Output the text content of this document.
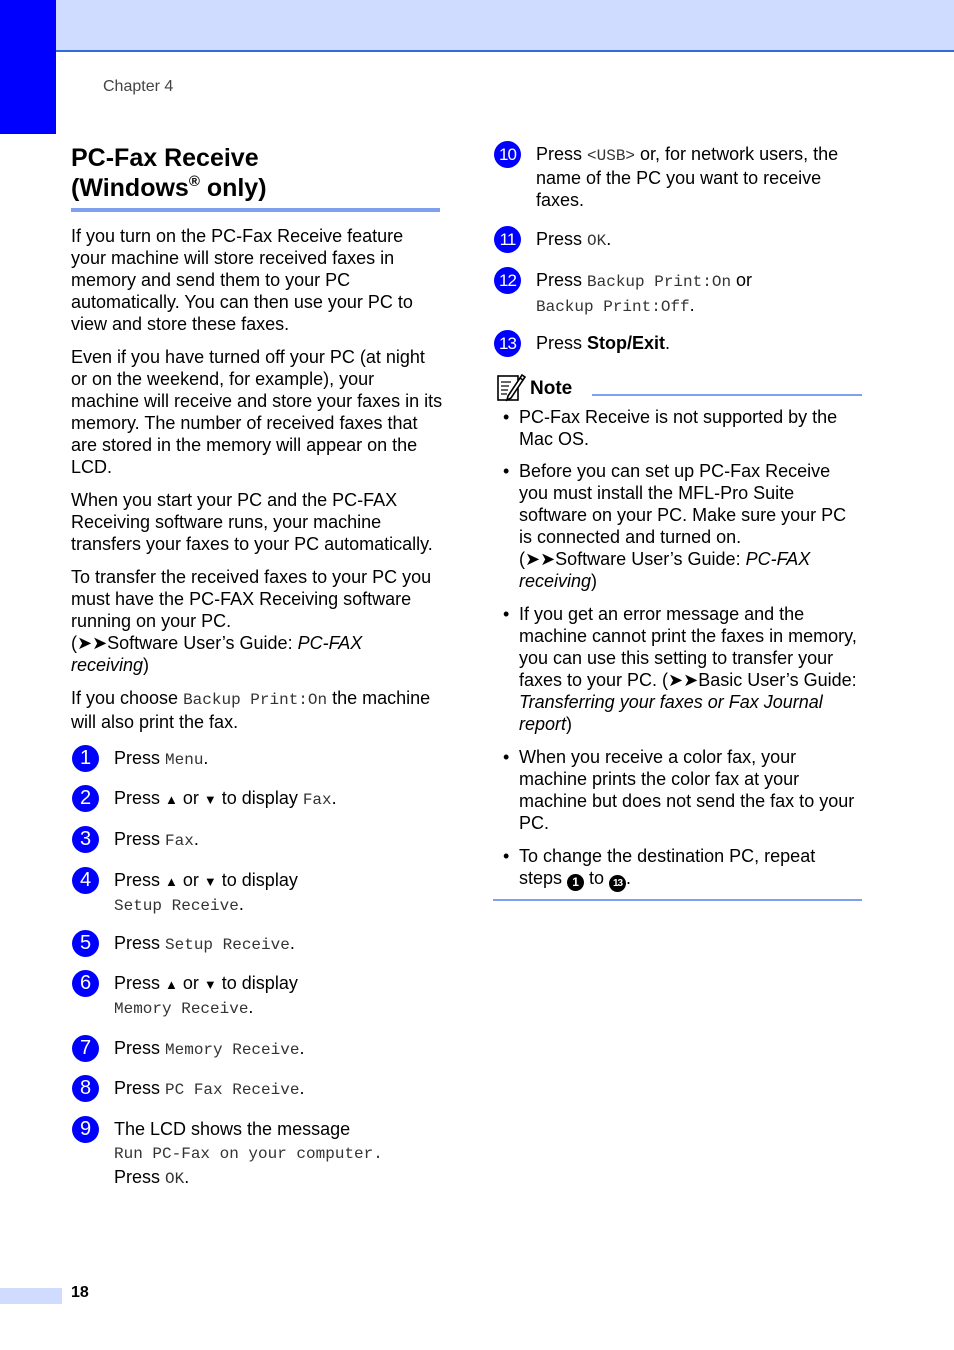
Chapter 4
PC-Fax Receive
(Windows® only)
If you turn on the PC-Fax Receive feature your machine will store received faxes in memory and send them to your PC automatically. You can then use your PC to view and store these faxes.
Even if you have turned off your PC (at night or on the weekend, for example), your machine will receive and store your faxes in its memory. The number of received faxes that are stored in the memory will appear on the LCD.
When you start your PC and the PC-FAX Receiving software runs, your machine transfers your faxes to your PC automatically.
To transfer the received faxes to your PC you must have the PC-FAX Receiving software running on your PC.
(➤➤Software User’s Guide: PC-FAX receiving)
If you choose Backup Print:On the machine will also print the fax.
1	Press Menu.
2	Press ▲ or ▼ to display Fax.
3	Press Fax.
4	Press ▲ or ▼ to display
Setup Receive.
5	Press Setup Receive.
6	Press ▲ or ▼ to display
Memory Receive.
7	Press Memory Receive.
8	Press PC Fax Receive.
9	The LCD shows the message
Run PC-Fax on your computer.
Press OK.
10 Press <USB> or, for network users, the name of the PC you want to receive faxes.
11	Press OK.
12 Press Backup Print:On or
Backup Print:Off.
13 Press Stop/Exit.
Note
• PC-Fax Receive is not supported by the Mac OS.
• Before you can set up PC-Fax Receive you must install the MFL-Pro Suite software on your PC. Make sure your PC is connected and turned on.
(➤➤Software User’s Guide: PC-FAX receiving)
• If you get an error message and the machine cannot print the faxes in memory, you can use this setting to transfer your faxes to your PC. (➤➤Basic User’s Guide: Transferring your faxes or Fax Journal report)
• When you receive a color fax, your machine prints the color fax at your machine but does not send the fax to your PC.
• To change the destination PC, repeat steps 1 to 13 .
18
